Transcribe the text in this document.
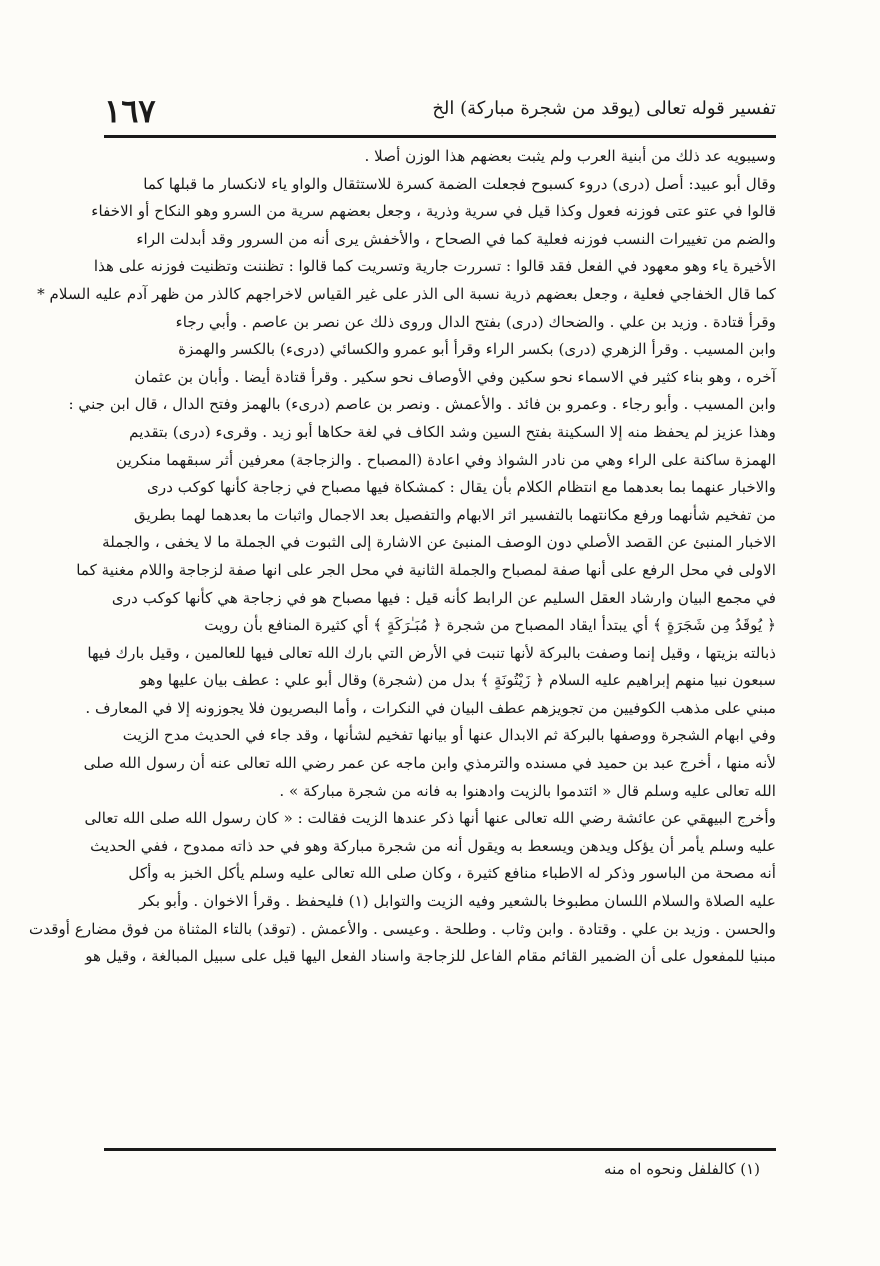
تفسير قوله تعالى (يوقد من شجرة مباركة) الخ
١٦٧

وسيبويه عد ذلك من أبنية العرب ولم يثبت بعضهم هذا الوزن أصلا .

وقال أبو عبيد: أصل (درى) دروء كسبوح فجعلت الضمة كسرة للاستثقال والواو ياء لانكسار ما قبلها كما
قالوا في عتو عتى فوزنه فعول وكذا قيل في سرية وذرية ، وجعل بعضهم سرية من السرو وهو النكاح أو الاخفاء
والضم من تغييرات النسب فوزنه فعلية كما في الصحاح ، والأخفش يرى أنه من السرور وقد أبدلت الراء
الأخيرة ياء وهو معهود في الفعل فقد قالوا : تسررت جارية وتسريت كما قالوا : تظننت وتظنيت فوزنه على هذا
كما قال الخفاجي فعلية ، وجعل بعضهم ذرية نسبة الى الذر على غير القياس لاخراجهم كالذر من ظهر آدم عليه السلام *

وقرأ قتادة . وزيد بن علي . والضحاك (درى) بفتح الدال وروى ذلك عن نصر بن عاصم . وأبي رجاء
وابن المسيب . وقرأ الزهري (درى) بكسر الراء وقرأ أبو عمرو والكسائي (درىء) بالكسر والهمزة
آخره ، وهو بناء كثير في الاسماء نحو سكين وفي الأوصاف نحو سكير . وقرأ قتادة أيضا . وأبان بن عثمان
وابن المسيب . وأبو رجاء . وعمرو بن فائد . والأعمش . ونصر بن عاصم (درىء) بالهمز وفتح الدال ، قال ابن جني :
وهذا عزيز لم يحفظ منه إلا السكينة بفتح السين وشد الكاف في لغة حكاها أبو زيد . وقرىء (درى) بتقديم
الهمزة ساكنة على الراء وهي من نادر الشواذ وفي اعادة (المصباح . والزجاجة) معرفين أثر سبقهما منكرين
والاخبار عنهما بما بعدهما مع انتظام الكلام بأن يقال : كمشكاة فيها مصباح في زجاجة كأنها كوكب درى
من تفخيم شأنهما ورفع مكانتهما بالتفسير اثر الابهام والتفصيل بعد الاجمال واثبات ما بعدهما لهما بطريق
الاخبار المنبئ عن القصد الأصلي دون الوصف المنبئ عن الاشارة إلى الثبوت في الجملة ما لا يخفى ، والجملة
الاولى في محل الرفع على أنها صفة لمصباح والجملة الثانية في محل الجر على انها صفة لزجاجة واللام مغنية كما
في مجمع البيان وارشاد العقل السليم عن الرابط كأنه قيل : فيها مصباح هو في زجاجة هي كأنها كوكب درى
﴿ يُوقَدُ مِن شَجَرَةٍ ﴾ أي يبتدأ ايقاد المصباح من شجرة ﴿ مُبَـٰرَكَةٍ ﴾ أي كثيرة المنافع بأن رويت
ذبالته بزيتها ، وقيل إنما وصفت بالبركة لأنها تنبت في الأرض التي بارك الله تعالى فيها للعالمين ، وقيل بارك فيها
سبعون نبيا منهم إبراهيم عليه السلام ﴿ زَيْتُونَةٍ ﴾ بدل من (شجرة) وقال أبو علي : عطف بيان عليها وهو
مبني على مذهب الكوفيين من تجويزهم عطف البيان في النكرات ، وأما البصريون فلا يجوزونه إلا في المعارف .

وفي ابهام الشجرة ووصفها بالبركة ثم الابدال عنها أو بيانها تفخيم لشأنها ، وقد جاء في الحديث مدح الزيت
لأنه منها ، أخرج عبد بن حميد في مسنده والترمذي وابن ماجه عن عمر رضي الله تعالى عنه أن رسول الله صلى
الله تعالى عليه وسلم قال « ائتدموا بالزيت وادهنوا به فانه من شجرة مباركة » .

وأخرج البيهقي عن عائشة رضي الله تعالى عنها أنها ذكر عندها الزيت فقالت : « كان رسول الله صلى الله تعالى
عليه وسلم يأمر أن يؤكل ويدهن ويسعط به ويقول أنه من شجرة مباركة وهو في حد ذاته ممدوح ، ففي الحديث
أنه مصحة من الباسور وذكر له الاطباء منافع كثيرة ، وكان صلى الله تعالى عليه وسلم يأكل الخبز به وأكل
عليه الصلاة والسلام اللسان مطبوخا بالشعير وفيه الزيت والتوابل (١) فليحفظ . وقرأ الاخوان . وأبو بكر
والحسن . وزيد بن علي . وقتادة . وابن وثاب . وطلحة . وعيسى . والأعمش . (توقد) بالتاء المثناة من فوق مضارع أوقدت
مبنيا للمفعول على أن الضمير القائم مقام الفاعل للزجاجة واسناد الفعل اليها قيل على سبيل المبالغة ، وقيل هو

(١) كالفلفل ونحوه اه منه
